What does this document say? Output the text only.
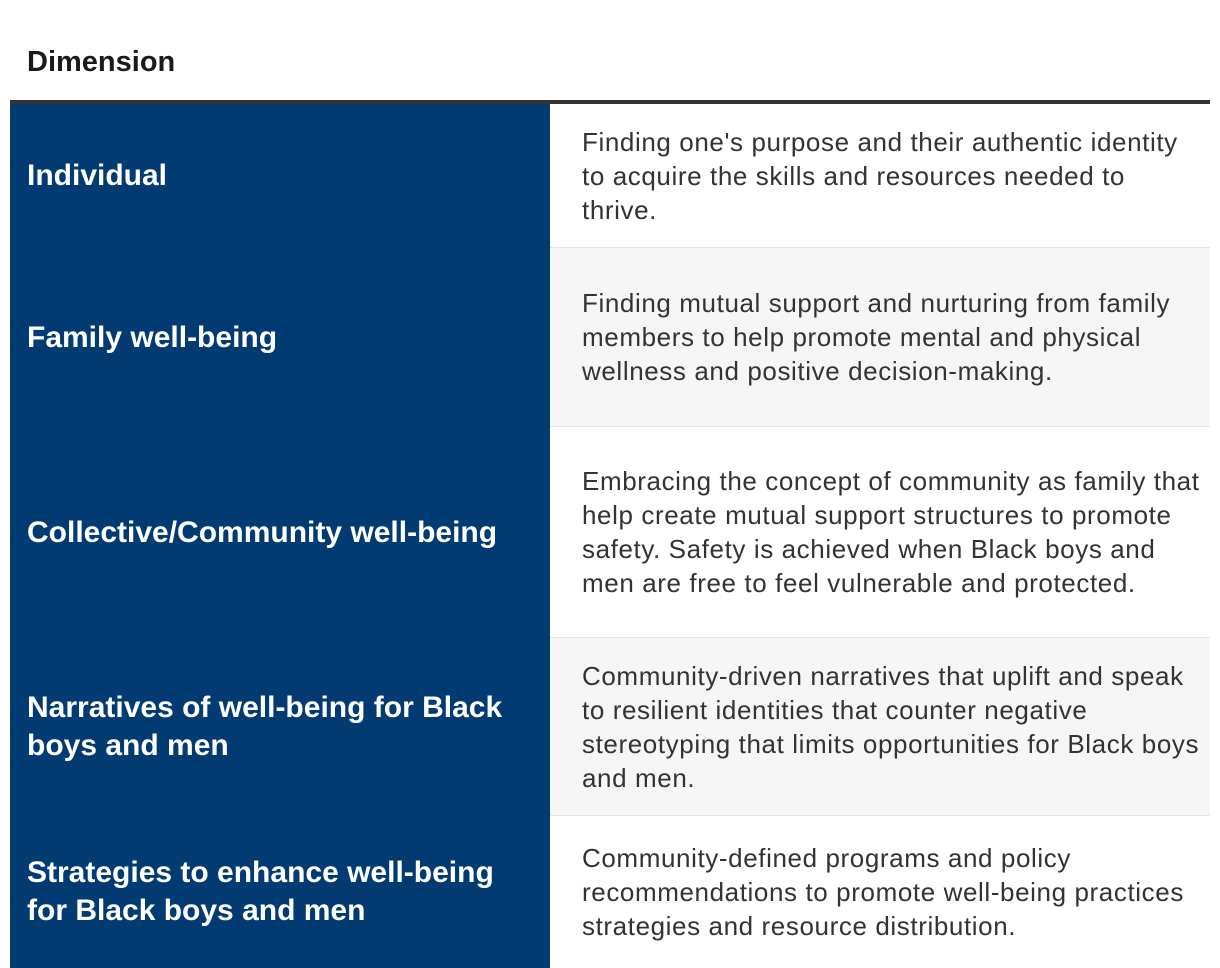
Dimension
Individual
Finding one's purpose and their authentic identity to acquire the skills and resources needed to thrive.
Family well-being
Finding mutual support and nurturing from family members to help promote mental and physical wellness and positive decision-making.
Collective/Community well-being
Embracing the concept of community as family that help create mutual support structures to promote safety. Safety is achieved when Black boys and men are free to feel vulnerable and protected.
Narratives of well-being for Black boys and men
Community-driven narratives that uplift and speak to resilient identities that counter negative stereotyping that limits opportunities for Black boys and men.
Strategies to enhance well-being for Black boys and men
Community-defined programs and policy recommendations to promote well-being practices strategies and resource distribution.
